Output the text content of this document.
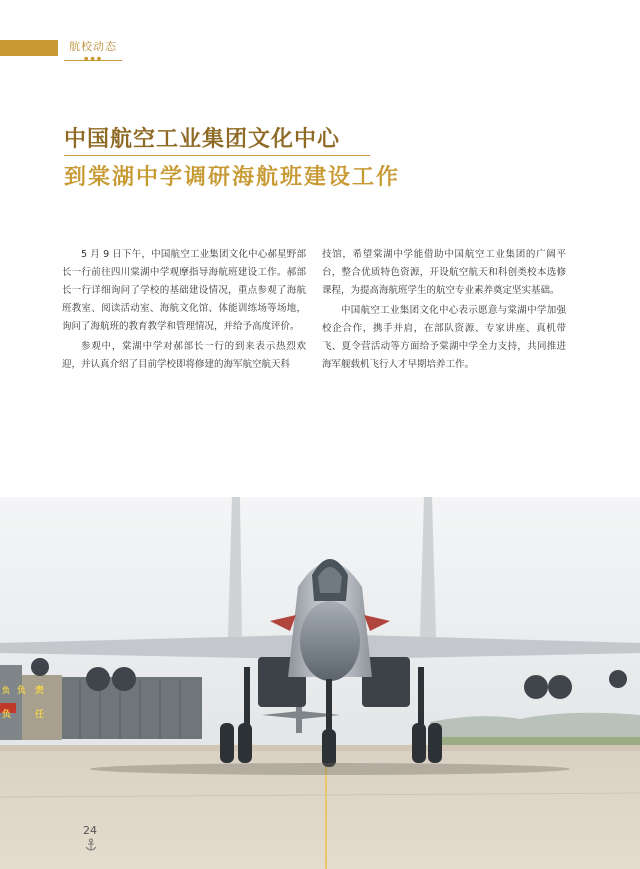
航校动态
●●●
中国航空工业集团文化中心
到棠湖中学调研海航班建设工作

5 月 9 日下午，中国航空工业集团文化中心郝星野部长一行前往四川棠湖中学观摩指导海航班建设工作。郝部长一行详细询问了学校的基础建设情况，重点参观了海航班教室、阅读活动室、海航文化馆、体能训练场等场地，询问了海航班的教育教学和管理情况，并给予高度评价。

参观中，棠湖中学对郝部长一行的到来表示热烈欢迎，并认真介绍了目前学校即将修建的海军航空航天科

技馆，希望棠湖中学能借助中国航空工业集团的广阔平台，整合优质特色资源，开设航空航天和科创类校本选修课程，为提高海航班学生的航空专业素养奠定坚实基础。

中国航空工业集团文化中心表示愿意与棠湖中学加强校企合作，携手并肩，在部队资源、专家讲座、真机带飞、夏令营活动等方面给予棠湖中学全力支持，共同推进海军舰载机飞行人才早期培养工作。

负 负 责
负	任
24
